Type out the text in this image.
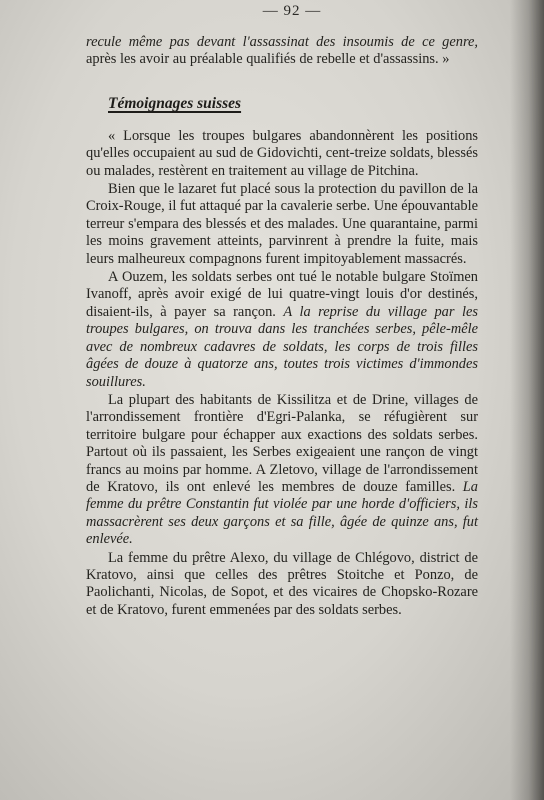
— 92 —

recule même pas devant l'assassinat des insoumis de ce genre, après les avoir au préalable qualifiés de rebelle et d'assassins. »

Témoignages suisses

« Lorsque les troupes bulgares abandonnèrent les positions qu'elles occupaient au sud de Gidovichti, cent-treize soldats, blessés ou malades, restèrent en traitement au village de Pitchina.

Bien que le lazaret fut placé sous la protection du pavillon de la Croix-Rouge, il fut attaqué par la cavalerie serbe. Une épouvantable terreur s'empara des blessés et des malades. Une quarantaine, parmi les moins gravement atteints, parvinrent à prendre la fuite, mais leurs malheureux compagnons furent impitoyablement massacrés.

A Ouzem, les soldats serbes ont tué le notable bulgare Stoïmen Ivanoff, après avoir exigé de lui quatre-vingt louis d'or destinés, disaient-ils, à payer sa rançon. A la reprise du village par les troupes bulgares, on trouva dans les tranchées serbes, pêle-mêle avec de nombreux cadavres de soldats, les corps de trois filles âgées de douze à quatorze ans, toutes trois victimes d'immondes souillures.

La plupart des habitants de Kissilitza et de Drine, villages de l'arrondissement frontière d'Egri-Palanka, se réfugièrent sur territoire bulgare pour échapper aux exactions des soldats serbes. Partout où ils passaient, les Serbes exigeaient une rançon de vingt francs au moins par homme. A Zletovo, village de l'arrondissement de Kratovo, ils ont enlevé les membres de douze familles. La femme du prêtre Constantin fut violée par une horde d'officiers, ils massacrèrent ses deux garçons et sa fille, âgée de quinze ans, fut enlevée.

La femme du prêtre Alexo, du village de Chlégovo, district de Kratovo, ainsi que celles des prêtres Stoitche et Ponzo, de Paolichanti, Nicolas, de Sopot, et des vicaires de Chopsko-Rozare et de Kratovo, furent emmenées par des soldats serbes.
